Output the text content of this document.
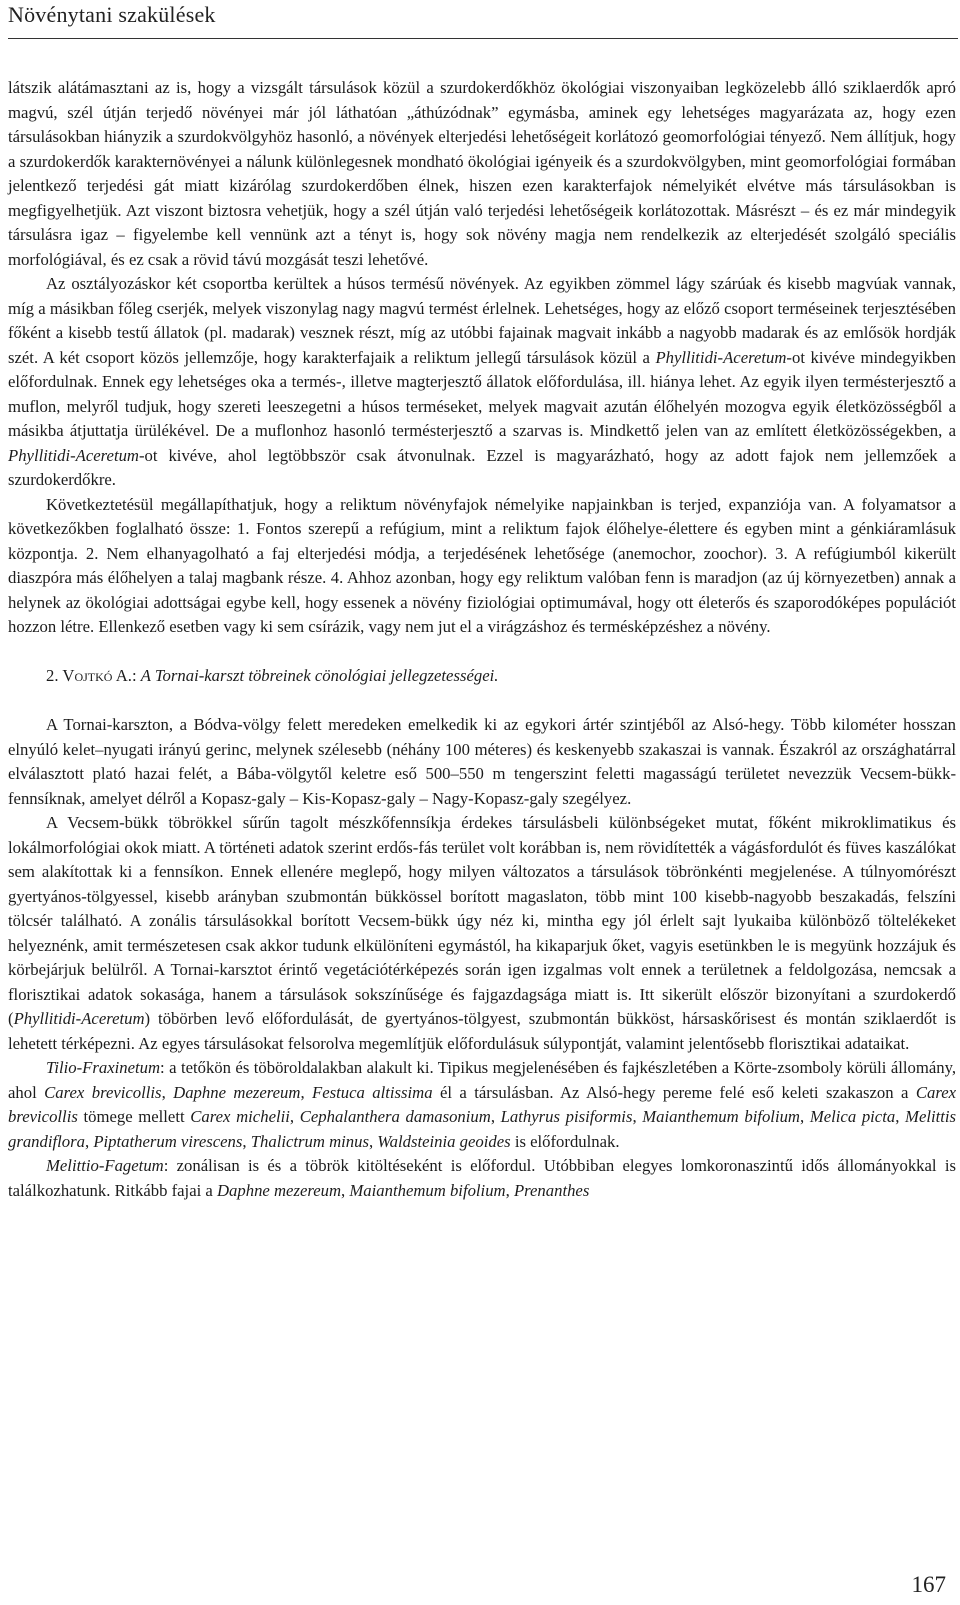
Növénytani szakülések

látszik alátámasztani az is, hogy a vizsgált társulások közül a szurdokerdőkhöz ökológiai viszonyaiban legközelebb álló sziklaerdők apró magvú, szél útján terjedő növényei már jól láthatóan „áthúzódnak” egymásba, aminek egy lehetséges magyarázata az, hogy ezen társulásokban hiányzik a szurdokvölgyhöz hasonló, a növények elterjedési lehetőségeit korlátozó geomorfológiai tényező. Nem állítjuk, hogy a szurdokerdők karakternövényei a nálunk különlegesnek mondható ökológiai igényeik és a szurdokvölgyben, mint geomorfológiai formában jelentkező terjedési gát miatt kizárólag szurdokerdőben élnek, hiszen ezen karakterfajok némelyikét elvétve más társulásokban is megfigyelhetjük. Azt viszont biztosra vehetjük, hogy a szél útján való terjedési lehetőségeik korlátozottak. Másrészt – és ez már mindegyik társulásra igaz – figyelembe kell vennünk azt a tényt is, hogy sok növény magja nem rendelkezik az elterjedését szolgáló speciális morfológiával, és ez csak a rövid távú mozgását teszi lehetővé.

Az osztályozáskor két csoportba kerültek a húsos termésű növények. Az egyikben zömmel lágy szárúak és kisebb magvúak vannak, míg a másikban főleg cserjék, melyek viszonylag nagy magvú termést érlelnek. Lehetséges, hogy az előző csoport terméseinek terjesztésében főként a kisebb testű állatok (pl. madarak) vesznek részt, míg az utóbbi fajainak magvait inkább a nagyobb madarak és az emlősök hordják szét. A két csoport közös jellemzője, hogy karakterfajaik a reliktum jellegű társulások közül a Phyllitidi-Aceretum-ot kivéve mindegyikben előfordulnak. Ennek egy lehetséges oka a termés-, illetve magterjesztő állatok előfordulása, ill. hiánya lehet. Az egyik ilyen termésterjesztő a muflon, melyről tudjuk, hogy szereti leeszegetni a húsos terméseket, melyek magvait azután élőhelyén mozogva egyik életközösségből a másikba átjuttatja ürülékével. De a muflonhoz hasonló termésterjesztő a szarvas is. Mindkettő jelen van az említett életközösségekben, a Phyllitidi-Aceretum-ot kivéve, ahol legtöbbször csak átvonulnak. Ezzel is magyarázható, hogy az adott fajok nem jellemzőek a szurdokerdőkre.

Következtetésül megállapíthatjuk, hogy a reliktum növényfajok némelyike napjainkban is terjed, expanziója van. A folyamatsor a következőkben foglalható össze: 1. Fontos szerepű a refúgium, mint a reliktum fajok élőhelye-élettere és egyben mint a génkiáramlásuk központja. 2. Nem elhanyagolható a faj elterjedési módja, a terjedésének lehetősége (anemochor, zoochor). 3. A refúgiumból kikerült diaszpóra más élőhelyen a talaj magbank része. 4. Ahhoz azonban, hogy egy reliktum valóban fenn is maradjon (az új környezetben) annak a helynek az ökológiai adottságai egybe kell, hogy essenek a növény fiziológiai optimumával, hogy ott életerős és szaporodóképes populációt hozzon létre. Ellenkező esetben vagy ki sem csírázik, vagy nem jut el a virágzáshoz és termésképzéshez a növény.

2. Vojtkó A.: A Tornai-karszt töbreinek cönológiai jellegzetességei.

A Tornai-karszton, a Bódva-völgy felett meredeken emelkedik ki az egykori ártér szintjéből az Alsó-hegy. Több kilométer hosszan elnyúló kelet–nyugati irányú gerinc, melynek szélesebb (néhány 100 méteres) és keskenyebb szakaszai is vannak. Északról az országhatárral elválasztott plató hazai felét, a Bába-völgytől keletre eső 500–550 m tengerszint feletti magasságú területet nevezzük Vecsem-bükk-fennsíknak, amelyet délről a Kopasz-galy – Kis-Kopasz-galy – Nagy-Kopasz-galy szegélyez.

A Vecsem-bükk töbrökkel sűrűn tagolt mészkőfennsíkja érdekes társulásbeli különbségeket mutat, főként mikroklimatikus és lokálmorfológiai okok miatt. A történeti adatok szerint erdős-fás terület volt korábban is, nem rövidítették a vágásfordulót és füves kaszálókat sem alakítottak ki a fennsíkon. Ennek ellenére meglepő, hogy milyen változatos a társulások töbrönkénti megjelenése. A túlnyomórészt gyertyános-tölgyessel, kisebb arányban szubmontán bükkössel borított magaslaton, több mint 100 kisebb-nagyobb beszakadás, felszíni tölcsér található. A zonális társulásokkal borított Vecsem-bükk úgy néz ki, mintha egy jól érlelt sajt lyukaiba különböző töltelékeket helyeznénk, amit természetesen csak akkor tudunk elkülöníteni egymástól, ha kikaparjuk őket, vagyis esetünkben le is megyünk hozzájuk és körbejárjuk belülről. A Tornai-karsztot érintő vegetációtérképezés során igen izgalmas volt ennek a területnek a feldolgozása, nemcsak a florisztikai adatok sokasága, hanem a társulások sokszínűsége és fajgazdagsága miatt is. Itt sikerült először bizonyítani a szurdokerdő (Phyllitidi-Aceretum) töbörben levő előfordulását, de gyertyános-tölgyest, szubmontán bükköst, hársaskőrisest és montán sziklaerdőt is lehetett térképezni. Az egyes társulásokat felsorolva megemlítjük előfordulásuk súlypontját, valamint jelentősebb florisztikai adataikat.

Tilio-Fraxinetum: a tetőkön és töböroldalakban alakult ki. Tipikus megjelenésében és fajkészletében a Körte-zsomboly körüli állomány, ahol Carex brevicollis, Daphne mezereum, Festuca altissima él a társulásban. Az Alsó-hegy pereme felé eső keleti szakaszon a Carex brevicollis tömege mellett Carex michelii, Cephalanthera damasonium, Lathyrus pisiformis, Maianthemum bifolium, Melica picta, Melittis grandiflora, Piptatherum virescens, Thalictrum minus, Waldsteinia geoides is előfordulnak.

Melittio-Fagetum: zonálisan is és a töbrök kitöltéseként is előfordul. Utóbbiban elegyes lomkoronaszintű idős állományokkal is találkozhatunk. Ritkább fajai a Daphne mezereum, Maianthemum bifolium, Prenanthes

167
